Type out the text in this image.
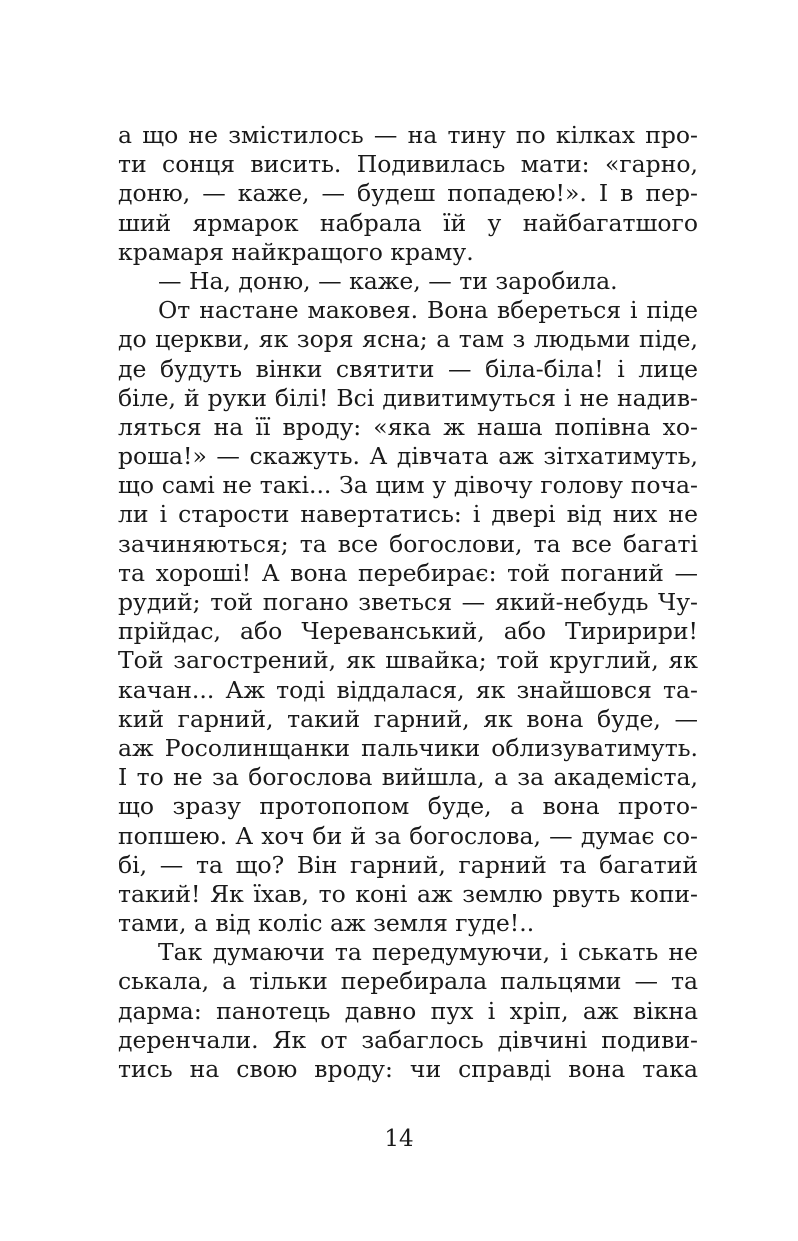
а що не змістилось — на тину по кілках про-
ти сонця висить. Подивилась мати: «гарно,
доню, — каже, — будеш попадею!». І в пер-
ший ярмарок набрала їй у найбагатшого
крамаря найкращого краму.
— На, доню, — каже, — ти заробила.
От настане маковея. Вона вбереться і піде
до церкви, як зоря ясна; а там з людьми піде,
де будуть вінки святити — біла-біла! і лице
біле, й руки білі! Всі дивитимуться і не надив-
ляться на її вроду: «яка ж наша попівна хо-
роша!» — скажуть. А дівчата аж зітхатимуть,
що самі не такі... За цим у дівочу голову поча-
ли і старости навертатись: і двері від них не
зачиняються; та все богослови, та все багаті
та хороші! А вона перебирає: той поганий —
рудий; той погано зветься — який-небудь Чу-
прійдас, або Череванський, або Тиририри!
Той загострений, як швайка; той круглий, як
качан... Аж тоді віддалася, як знайшовся та-
кий гарний, такий гарний, як вона буде, —
аж Росолинщанки пальчики облизуватимуть.
І то не за богослова вийшла, а за академіста,
що зразу протопопом буде, а вона прото-
попшею. А хоч би й за богослова, — думає со-
бі, — та що? Він гарний, гарний та багатий
такий! Як їхав, то коні аж землю рвуть копи-
тами, а від коліс аж земля гуде!..
Так думаючи та передумуючи, і ськать не
ськала, а тільки перебирала пальцями — та
дарма: панотець давно пух і хріп, аж вікна
деренчали. Як от забаглось дівчині подиви-
тись на свою вроду: чи справді вона така
14
